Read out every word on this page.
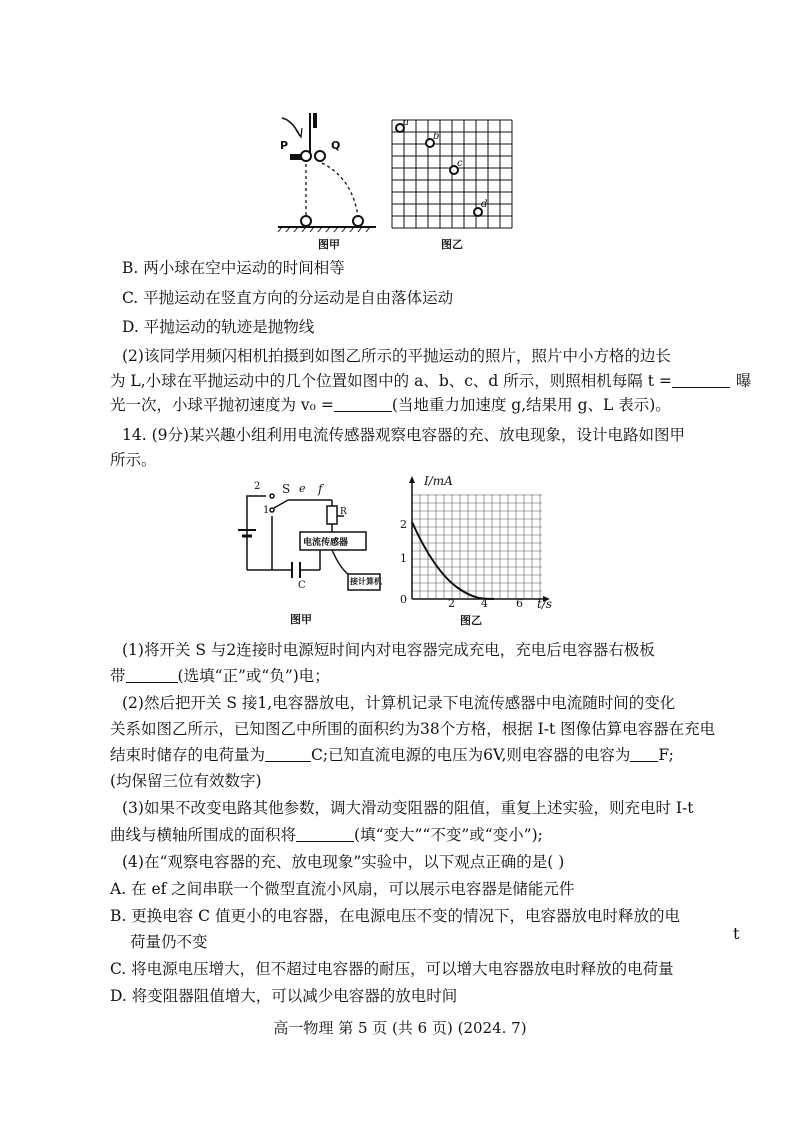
P	Q
图甲
a
b
c
d
图乙
B. 两小球在空中运动的时间相等
C. 平抛运动在竖直方向的分运动是自由落体运动
D. 平抛运动的轨迹是抛物线
(2)该同学用频闪相机拍摄到如图乙所示的平抛运动的照片，照片中小方格的边长
为 L,小球在平抛运动中的几个位置如图中的 a、b、c、d 所示，则照相机每隔 t =	曝
光一次，小球平抛初速度为 v₀ =	(当地重力加速度 g,结果用 g、L 表示)。
14. (9分)某兴趣小组利用电流传感器观察电容器的充、放电现象，设计电路如图甲
所示。
2
1
S e f
R
电流传感器
C	接计算机
图甲
I/mA
2
1
0	2 4	6 t/s
图乙
(1)将开关 S 与2连接时电源短时间内对电容器完成充电，充电后电容器右极板
带	(选填“正”或“负”)电；
(2)然后把开关 S 接1,电容器放电，计算机记录下电流传感器中电流随时间的变化
关系如图乙所示，已知图乙中所围的面积约为38个方格，根据 I-t 图像估算电容器在充电
结束时储存的电荷量为	C;已知直流电源的电压为6V,则电容器的电容为 F;
(均保留三位有效数字)
(3)如果不改变电路其他参数，调大滑动变阻器的阻值，重复上述实验，则充电时 I-t
曲线与横轴所围成的面积将	(填“变大”“不变”或“变小”);
(4)在“观察电容器的充、放电现象”实验中，以下观点正确的是( )
A. 在 ef 之间串联一个微型直流小风扇，可以展示电容器是储能元件
B. 更换电容 C 值更小的电容器，在电源电压不变的情况下，电容器放电时释放的电
荷量仍不变
C. 将电源电压增大，但不超过电容器的耐压，可以增大电容器放电时释放的电荷量
D. 将变阻器阻值增大，可以减少电容器的放电时间
t
高一物理 第 5 页 (共 6 页) (2024. 7)
